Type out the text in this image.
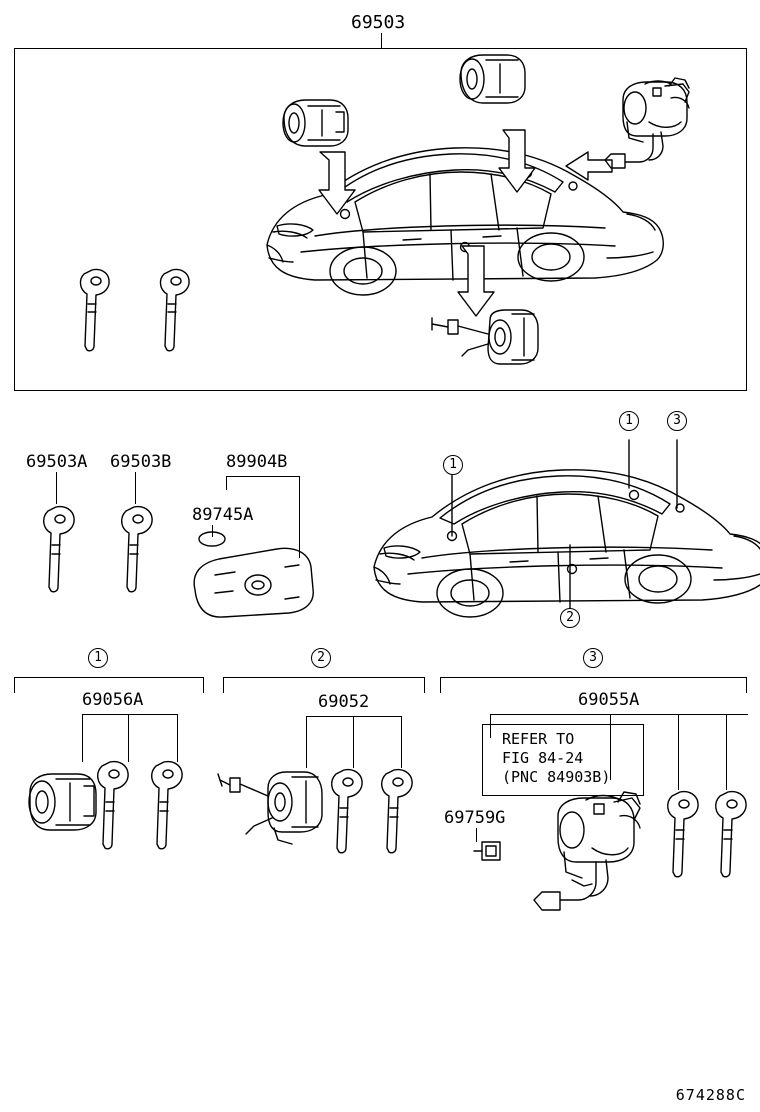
69503
69503A 69503B	89904B
89745A
1
1	3
2
1
69056A
2
69052
3
69055A
REFER TO
FIG 84-24
(PNC 84903B)
69759G
674288C
